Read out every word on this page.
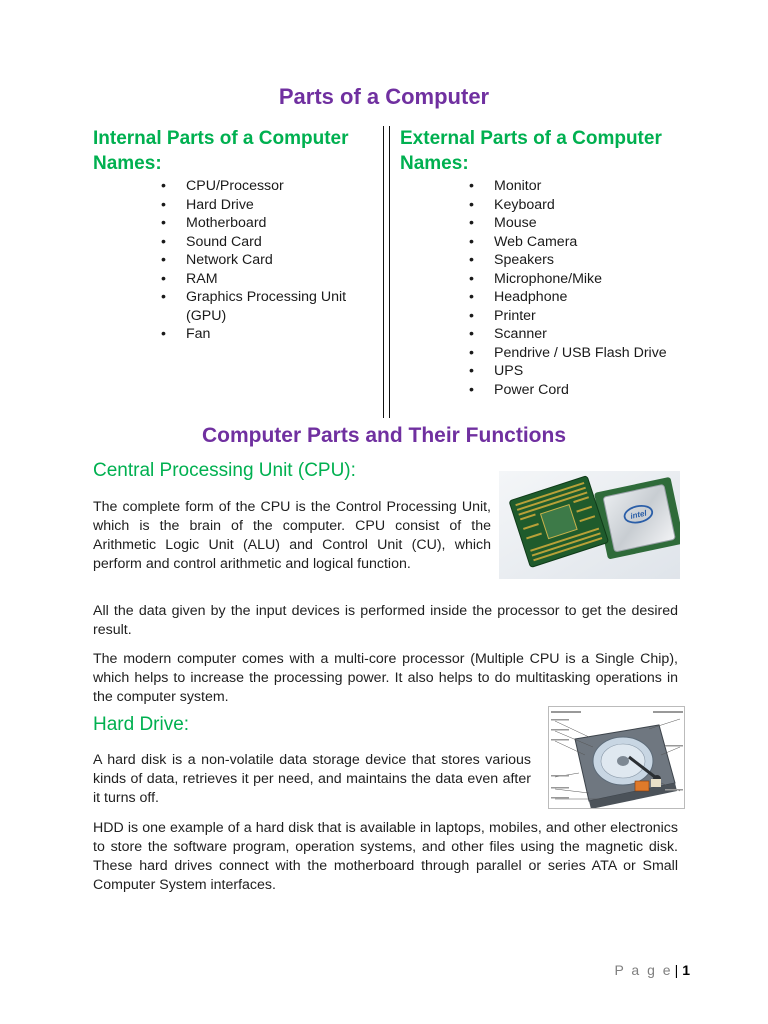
Parts of a Computer
Internal Parts of a Computer
Names:
• CPU/Processor
• Hard Drive
• Motherboard
• Sound Card
• Network Card
• RAM
• Graphics Processing Unit (GPU)
• Fan
External Parts of a Computer
Names:
• Monitor
• Keyboard
• Mouse
• Web Camera
• Speakers
• Microphone/Mike
• Headphone
• Printer
• Scanner
• Pendrive / USB Flash Drive
• UPS
• Power Cord
Computer Parts and Their Functions
Central Processing Unit (CPU):
intel

The complete form of the CPU is the Control Processing Unit, which is the brain of the computer. CPU consist of the Arithmetic Logic Unit (ALU) and Control Unit (CU), which perform and control arithmetic and logical function.

All the data given by the input devices is performed inside the processor to get the desired result.

The modern computer comes with a multi-core processor (Multiple CPU is a Single Chip), which helps to increase the processing power. It also helps to do multitasking operations in the computer system.

Hard Drive:

A hard disk is a non-volatile data storage device that stores various kinds of data, retrieves it per need, and maintains the data even after it turns off.

HDD is one example of a hard disk that is available in laptops, mobiles, and other electronics to store the software program, operation systems, and other files using the magnetic disk. These hard drives connect with the motherboard through parallel or series ATA or Small Computer System interfaces.

P a g e | 1
